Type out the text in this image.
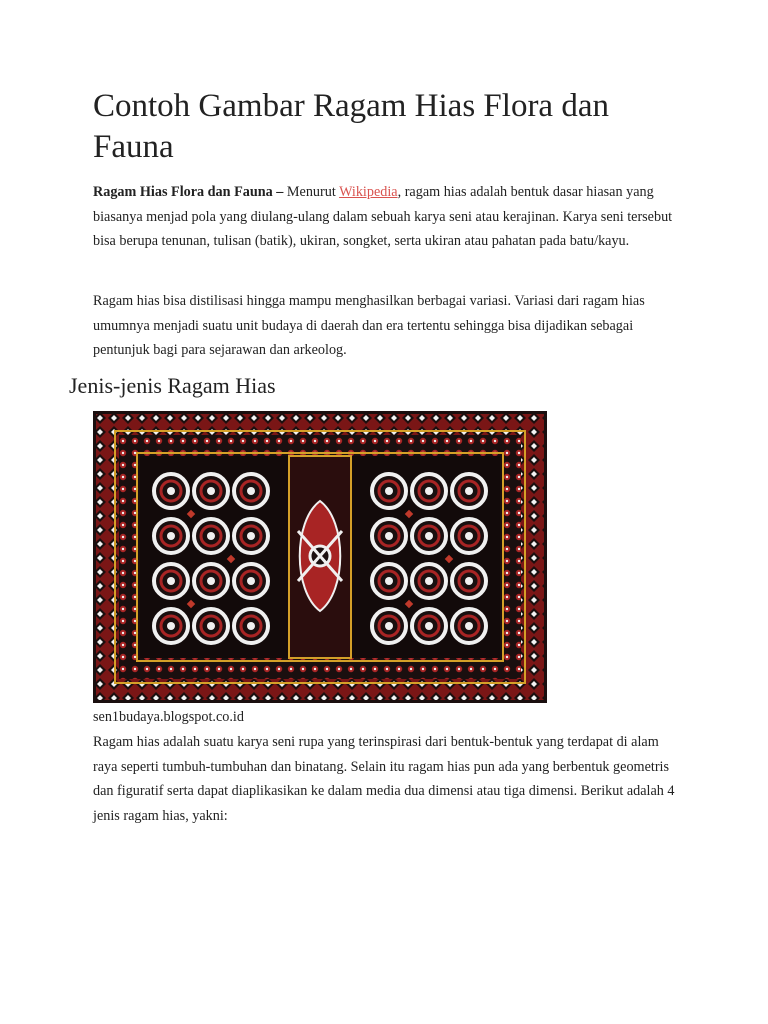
Contoh Gambar Ragam Hias Flora dan Fauna

Ragam Hias Flora dan Fauna – Menurut Wikipedia, ragam hias adalah bentuk dasar hiasan yang biasanya menjad pola yang diulang-ulang dalam sebuah karya seni atau kerajinan. Karya seni tersebut bisa berupa tenunan, tulisan (batik), ukiran, songket, serta ukiran atau pahatan pada batu/kayu.

Ragam hias bisa distilisasi hingga mampu menghasilkan berbagai variasi. Variasi dari ragam hias umumnya menjadi suatu unit budaya di daerah dan era tertentu sehingga bisa dijadikan sebagai pentunjuk bagi para sejarawan dan arkeolog.

Jenis-jenis Ragam Hias

sen1budaya.blogspot.co.id

Ragam hias adalah suatu karya seni rupa yang terinspirasi dari bentuk-bentuk yang terdapat di alam raya seperti tumbuh-tumbuhan dan binatang. Selain itu ragam hias pun ada yang berbentuk geometris dan figuratif serta dapat diaplikasikan ke dalam media dua dimensi atau tiga dimensi. Berikut adalah 4 jenis ragam hias, yakni:
